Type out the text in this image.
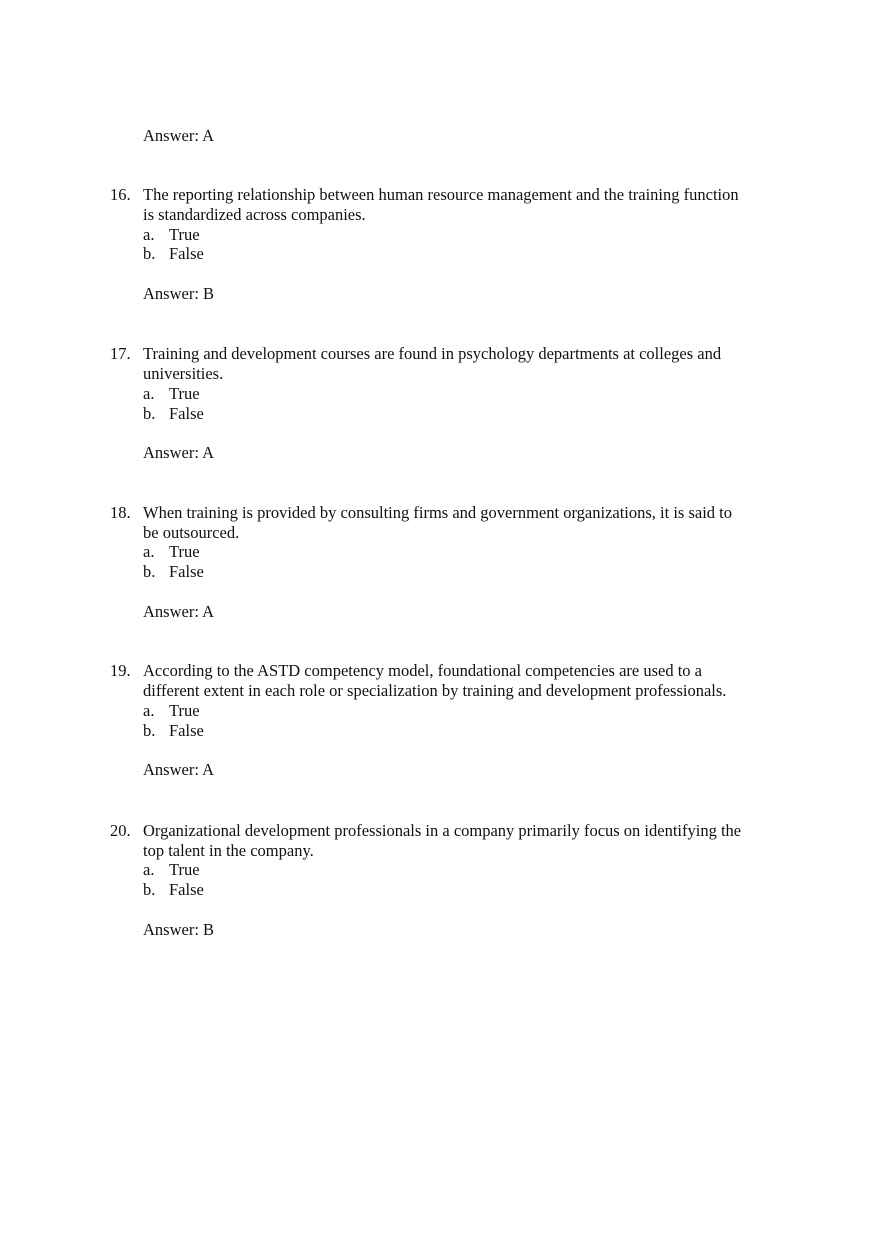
Answer: A
16. The reporting relationship between human resource management and the training function
is standardized across companies.
a. True
b. False
Answer: B
17. Training and development courses are found in psychology departments at colleges and
universities.
a. True
b. False
Answer: A
18. When training is provided by consulting firms and government organizations, it is said to
be outsourced.
a. True
b. False
Answer: A
19. According to the ASTD competency model, foundational competencies are used to a
different extent in each role or specialization by training and development professionals.
a. True
b. False
Answer: A
20. Organizational development professionals in a company primarily focus on identifying the
top talent in the company.
a. True
b. False
Answer: B
